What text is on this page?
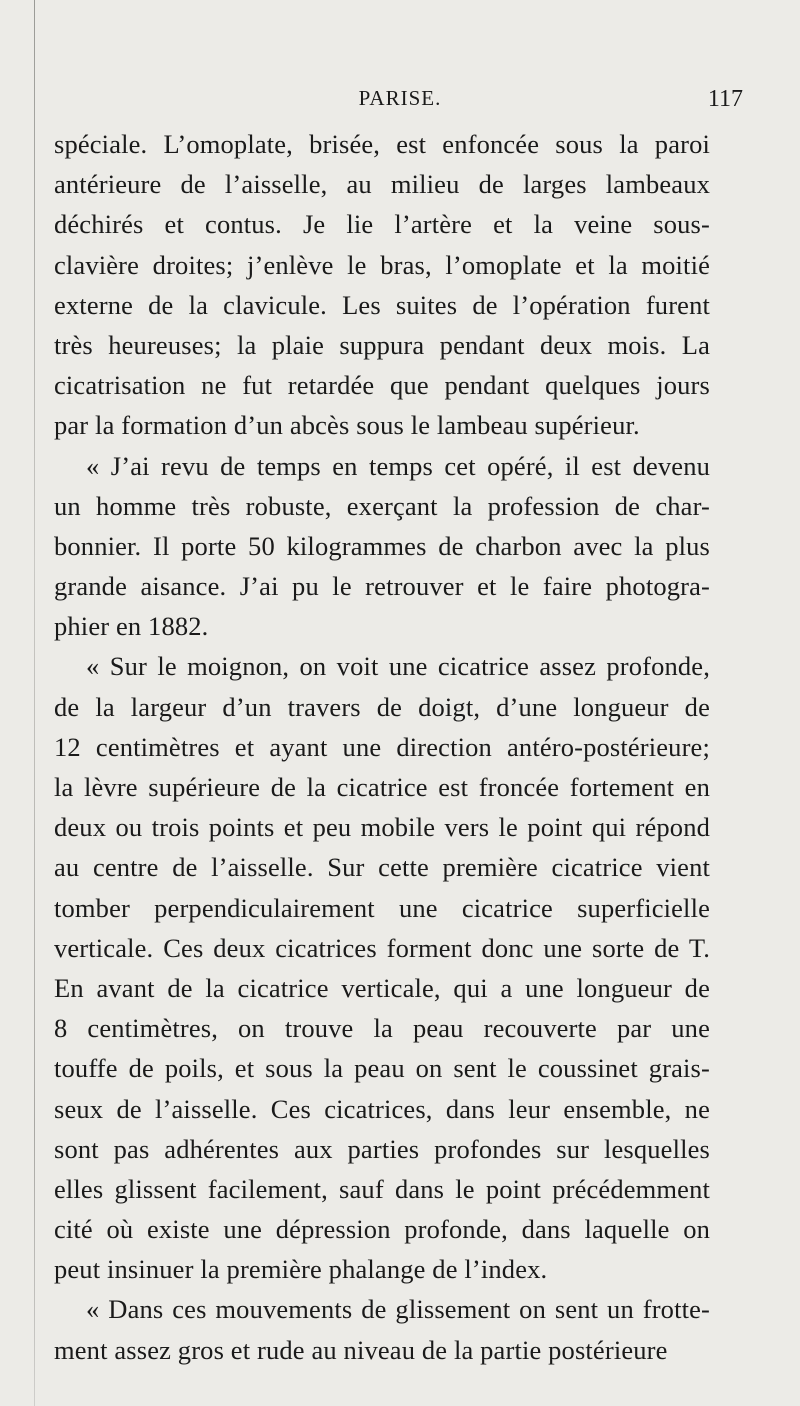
PARISE.	117
spéciale. L’omoplate, brisée, est enfoncée sous la paroi
antérieure de l’aisselle, au milieu de larges lambeaux
déchirés et contus. Je lie l’artère et la veine sous-
clavière droites; j’enlève le bras, l’omoplate et la moitié
externe de la clavicule. Les suites de l’opération furent
très heureuses; la plaie suppura pendant deux mois. La
cicatrisation ne fut retardée que pendant quelques jours
par la formation d’un abcès sous le lambeau supérieur.
« J’ai revu de temps en temps cet opéré, il est devenu
un homme très robuste, exerçant la profession de char-
bonnier. Il porte 50 kilogrammes de charbon avec la plus
grande aisance. J’ai pu le retrouver et le faire photogra-
phier en 1882.
« Sur le moignon, on voit une cicatrice assez profonde,
de la largeur d’un travers de doigt, d’une longueur de
12 centimètres et ayant une direction antéro-postérieure;
la lèvre supérieure de la cicatrice est froncée fortement en
deux ou trois points et peu mobile vers le point qui répond
au centre de l’aisselle. Sur cette première cicatrice vient
tomber perpendiculairement une cicatrice superficielle
verticale. Ces deux cicatrices forment donc une sorte de T.
En avant de la cicatrice verticale, qui a une longueur de
8 centimètres, on trouve la peau recouverte par une
touffe de poils, et sous la peau on sent le coussinet grais-
seux de l’aisselle. Ces cicatrices, dans leur ensemble, ne
sont pas adhérentes aux parties profondes sur lesquelles
elles glissent facilement, sauf dans le point précédemment
cité où existe une dépression profonde, dans laquelle on
peut insinuer la première phalange de l’index.
« Dans ces mouvements de glissement on sent un frotte-
ment assez gros et rude au niveau de la partie postérieure
